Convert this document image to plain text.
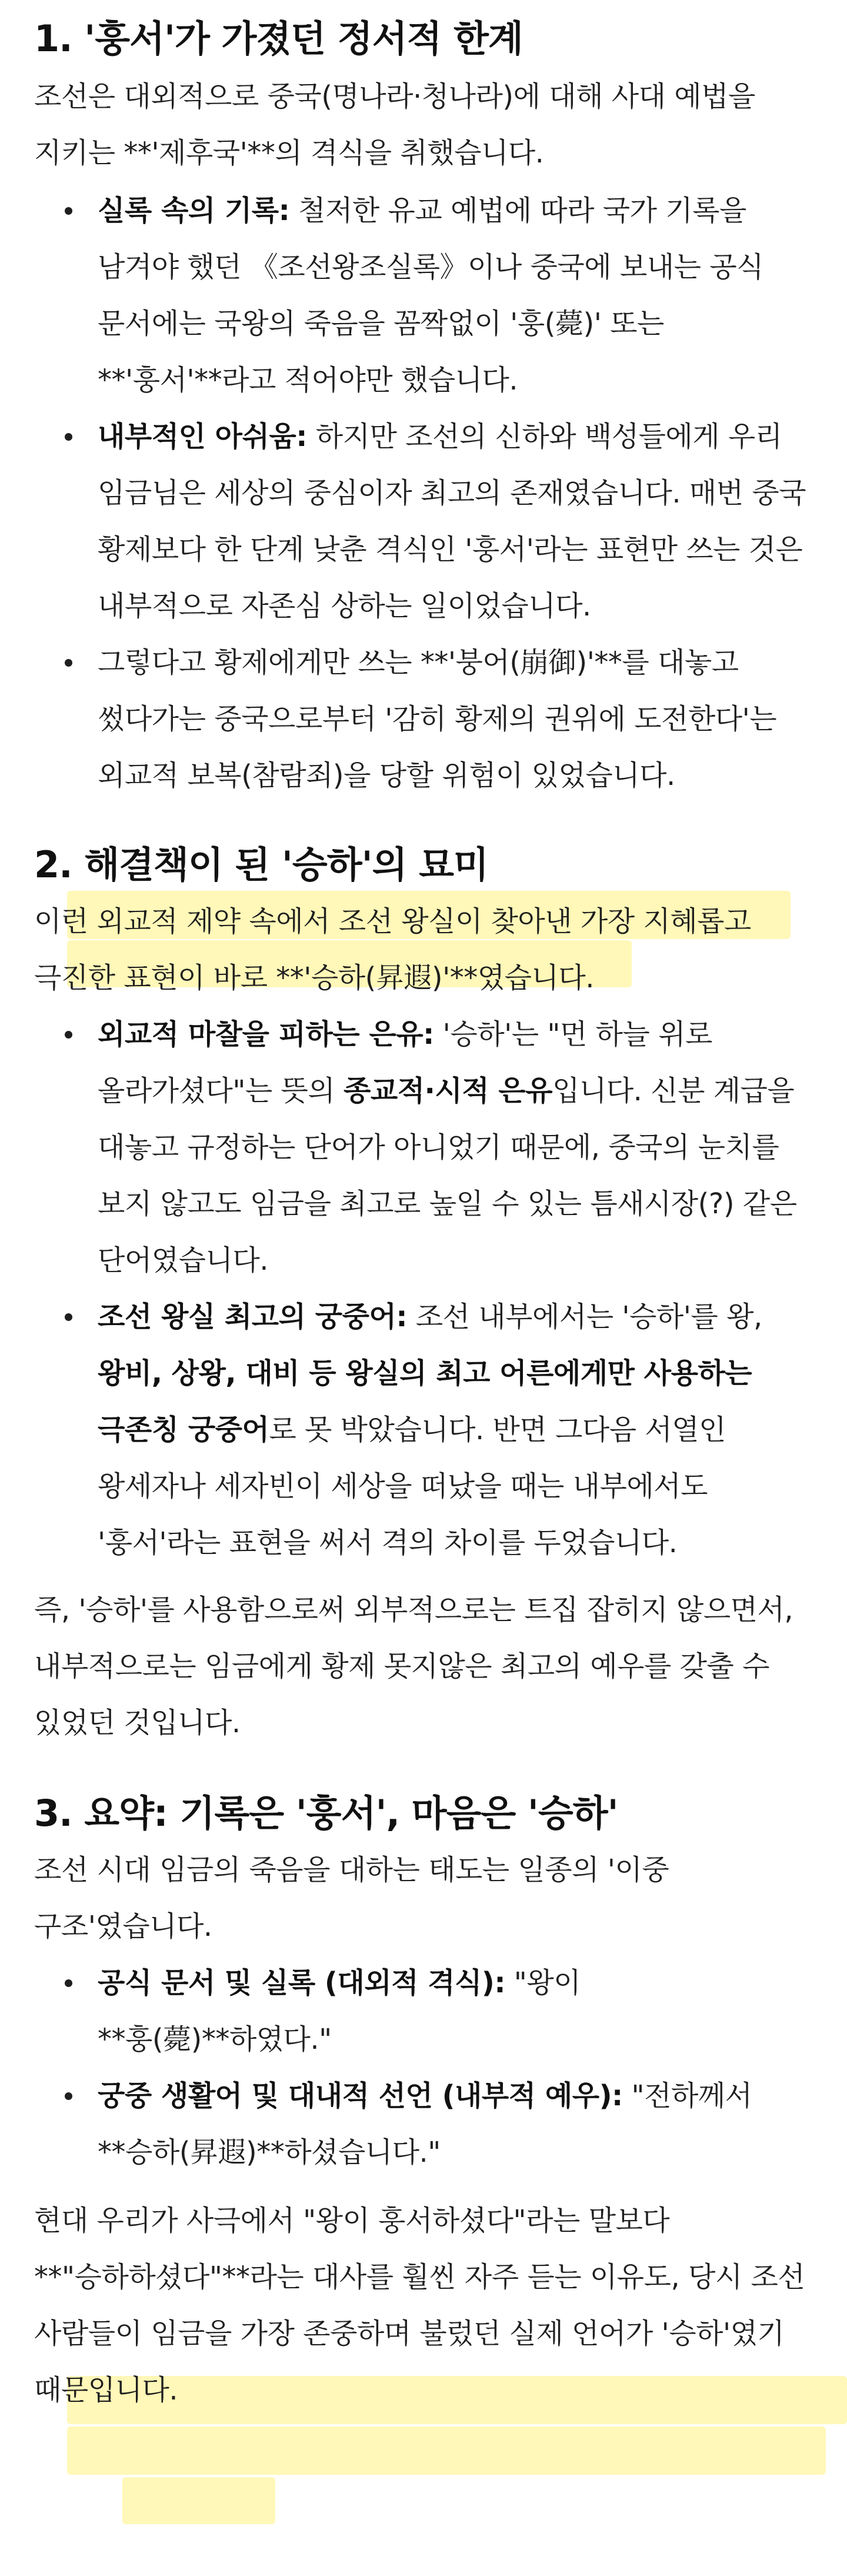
1. '훙서'가 가졌던 정서적 한계

조선은 대외적으로 중국(명나라·청나라)에 대해 사대 예법을

지키는 **'제후국'**의 격식을 취했습니다.

실록 속의 기록: 철저한 유교 예법에 따라 국가 기록을
남겨야 했던 《조선왕조실록》이나 중국에 보내는 공식
문서에는 국왕의 죽음을 꼼짝없이 '훙(薨)' 또는
**'훙서'**라고 적어야만 했습니다.
내부적인 아쉬움: 하지만 조선의 신하와 백성들에게 우리
임금님은 세상의 중심이자 최고의 존재였습니다. 매번 중국
황제보다 한 단계 낮춘 격식인 '훙서'라는 표현만 쓰는 것은
내부적으로 자존심 상하는 일이었습니다.
그렇다고 황제에게만 쓰는 **'붕어(崩御)'**를 대놓고
썼다가는 중국으로부터 '감히 황제의 권위에 도전한다'는
외교적 보복(참람죄)을 당할 위험이 있었습니다.
2. 해결책이 된 '승하'의 묘미

이런 외교적 제약 속에서 조선 왕실이 찾아낸 가장 지혜롭고

극진한 표현이 바로 **'승하(昇遐)'**였습니다.

외교적 마찰을 피하는 은유: '승하'는 "먼 하늘 위로
올라가셨다"는 뜻의 종교적·시적 은유입니다. 신분 계급을
대놓고 규정하는 단어가 아니었기 때문에, 중국의 눈치를
보지 않고도 임금을 최고로 높일 수 있는 틈새시장(?) 같은
단어였습니다.
조선 왕실 최고의 궁중어: 조선 내부에서는 '승하'를 왕,
왕비, 상왕, 대비 등 왕실의 최고 어른에게만 사용하는
극존칭 궁중어로 못 박았습니다. 반면 그다음 서열인
왕세자나 세자빈이 세상을 떠났을 때는 내부에서도
'훙서'라는 표현을 써서 격의 차이를 두었습니다.

즉, '승하'를 사용함으로써 외부적으로는 트집 잡히지 않으면서,

내부적으로는 임금에게 황제 못지않은 최고의 예우를 갖출 수

있었던 것입니다.

3. 요약: 기록은 '훙서', 마음은 '승하'

조선 시대 임금의 죽음을 대하는 태도는 일종의 '이중

구조'였습니다.

공식 문서 및 실록 (대외적 격식): "왕이
**훙(薨)**하였다."
궁중 생활어 및 대내적 선언 (내부적 예우): "전하께서
**승하(昇遐)**하셨습니다."

현대 우리가 사극에서 "왕이 훙서하셨다"라는 말보다

**"승하하셨다"**라는 대사를 훨씬 자주 듣는 이유도, 당시 조선

사람들이 임금을 가장 존중하며 불렀던 실제 언어가 '승하'였기

때문입니다.
